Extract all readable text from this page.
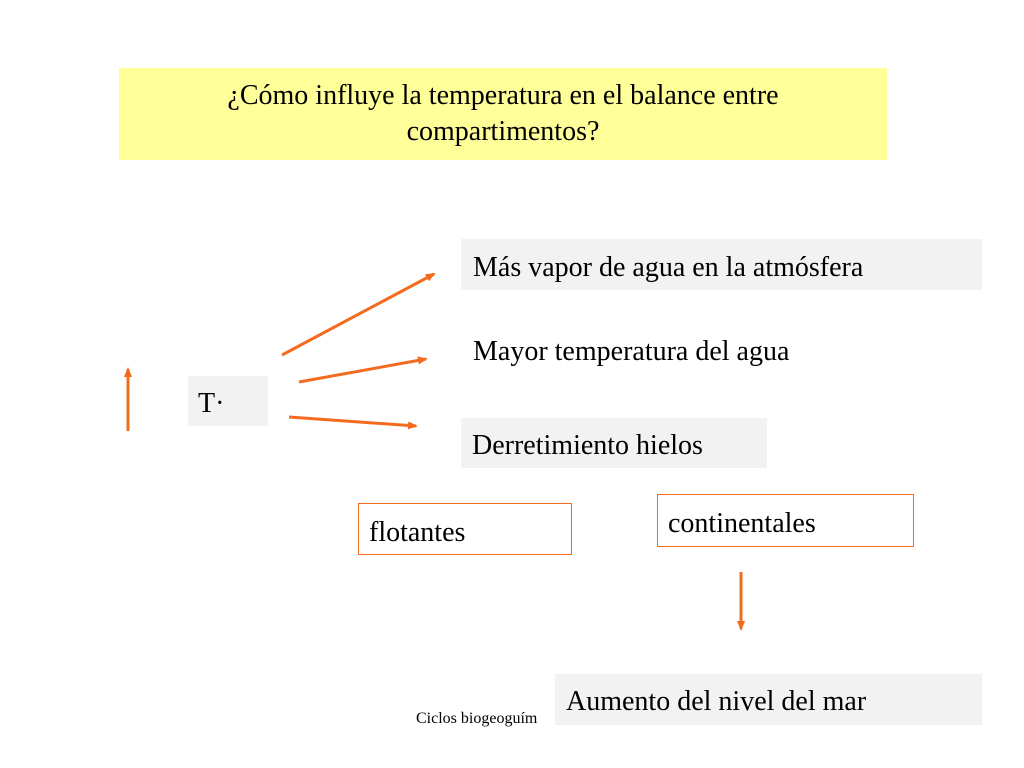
¿Cómo influye la temperatura en el balance entre
compartimentos?
T·
Más vapor de agua en la atmósfera
Mayor temperatura del agua
Derretimiento hielos
flotantes	continentales
Ciclos biogeoguím
Aumento del nivel del mar
